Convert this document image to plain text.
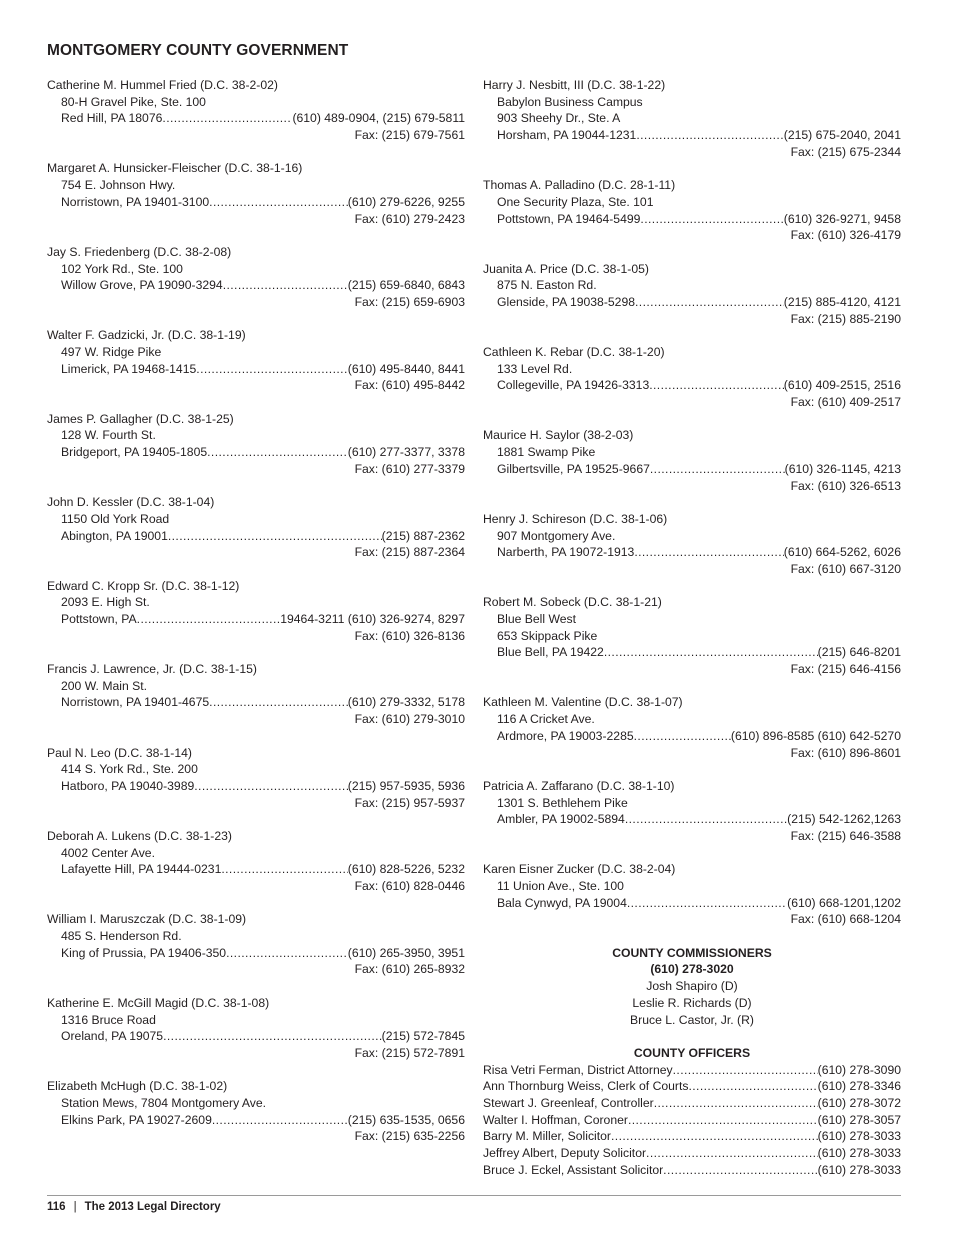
MONTGOMERY COUNTY GOVERNMENT
Catherine M. Hummel Fried (D.C. 38-2-02)
80-H Gravel Pike, Ste. 100
Red Hill, PA 18076 .....	(610) 489-0904, (215) 679-5811
Fax: (215) 679-7561
Margaret A. Hunsicker-Fleischer (D.C. 38-1-16)
754 E. Johnson Hwy.
Norristown, PA 19401-3100 .....	(610) 279-6226, 9255
Fax: (610) 279-2423
Jay S. Friedenberg (D.C. 38-2-08)
102 York Rd., Ste. 100
Willow Grove, PA 19090-3294 .....	(215) 659-6840, 6843
Fax: (215) 659-6903
Walter F. Gadzicki, Jr. (D.C. 38-1-19)
497 W. Ridge Pike
Limerick, PA 19468-1415 .....	(610) 495-8440, 8441
Fax: (610) 495-8442
James P. Gallagher (D.C. 38-1-25)
128 W. Fourth St.
Bridgeport, PA 19405-1805 .....	(610) 277-3377, 3378
Fax: (610) 277-3379
John D. Kessler (D.C. 38-1-04)
1150 Old York Road
Abington, PA 19001 .....	(215) 887-2362
Fax: (215) 887-2364
Edward C. Kropp Sr. (D.C. 38-1-12)
2093 E. High St.
Pottstown, PA .....	19464-3211 (610) 326-9274, 8297
Fax: (610) 326-8136
Francis J. Lawrence, Jr. (D.C. 38-1-15)
200 W. Main St.
Norristown, PA 19401-4675 .....	(610) 279-3332, 5178
Fax: (610) 279-3010
Paul N. Leo (D.C. 38-1-14)
414 S. York Rd., Ste. 200
Hatboro, PA 19040-3989 .....	(215) 957-5935, 5936
Fax: (215) 957-5937
Deborah A. Lukens (D.C. 38-1-23)
4002 Center Ave.
Lafayette Hill, PA 19444-0231 .....	(610) 828-5226, 5232
Fax: (610) 828-0446
William I. Maruszczak (D.C. 38-1-09)
485 S. Henderson Rd.
King of Prussia, PA 19406-350 .....	(610) 265-3950, 3951
Fax: (610) 265-8932
Katherine E. McGill Magid (D.C. 38-1-08)
1316 Bruce Road
Oreland, PA 19075 .....	(215) 572-7845
Fax: (215) 572-7891
Elizabeth McHugh (D.C. 38-1-02)
Station Mews, 7804 Montgomery Ave.
Elkins Park, PA 19027-2609 .....	(215) 635-1535, 0656
Fax: (215) 635-2256
Harry J. Nesbitt, III (D.C. 38-1-22)
Babylon Business Campus
903 Sheehy Dr., Ste. A
Horsham, PA 19044-1231 .....	(215) 675-2040, 2041
Fax: (215) 675-2344
Thomas A. Palladino (D.C. 28-1-11)
One Security Plaza, Ste. 101
Pottstown, PA 19464-5499 .....	(610) 326-9271, 9458
Fax: (610) 326-4179
Juanita A. Price (D.C. 38-1-05)
875 N. Easton Rd.
Glenside, PA 19038-5298 .....	(215) 885-4120, 4121
Fax: (215) 885-2190
Cathleen K. Rebar (D.C. 38-1-20)
133 Level Rd.
Collegeville, PA 19426-3313 .....	(610) 409-2515, 2516
Fax: (610) 409-2517
Maurice H. Saylor (38-2-03)
1881 Swamp Pike
Gilbertsville, PA 19525-9667 .....	(610) 326-1145, 4213
Fax: (610) 326-6513
Henry J. Schireson (D.C. 38-1-06)
907 Montgomery Ave.
Narberth, PA 19072-1913 .....	(610) 664-5262, 6026
Fax: (610) 667-3120
Robert M. Sobeck (D.C. 38-1-21)
Blue Bell West
653 Skippack Pike
Blue Bell, PA 19422 .....	(215) 646-8201
Fax: (215) 646-4156
Kathleen M. Valentine (D.C. 38-1-07)
116 A Cricket Ave.
Ardmore, PA 19003-2285 .....	(610) 896-8585 (610) 642-5270
Fax: (610) 896-8601
Patricia A. Zaffarano (D.C. 38-1-10)
1301 S. Bethlehem Pike
Ambler, PA 19002-5894 .....	(215) 542-1262,1263
Fax: (215) 646-3588
Karen Eisner Zucker (D.C. 38-2-04)
11 Union Ave., Ste. 100
Bala Cynwyd, PA 19004 .....	(610) 668-1201,1202
Fax: (610) 668-1204
COUNTY COMMISSIONERS
(610) 278-3020
Josh Shapiro (D)
Leslie R. Richards (D)
Bruce L. Castor, Jr. (R)
COUNTY OFFICERS
Risa Vetri Ferman, District Attorney .....	(610) 278-3090
Ann Thornburg Weiss, Clerk of Courts .....	(610) 278-3346
Stewart J. Greenleaf, Controller .....	(610) 278-3072
Walter I. Hoffman, Coroner .....	(610) 278-3057
Barry M. Miller, Solicitor .....	(610) 278-3033
Jeffrey Albert, Deputy Solicitor .....	(610) 278-3033
Bruce J. Eckel, Assistant Solicitor .....	(610) 278-3033
116 | The 2013 Legal Directory
